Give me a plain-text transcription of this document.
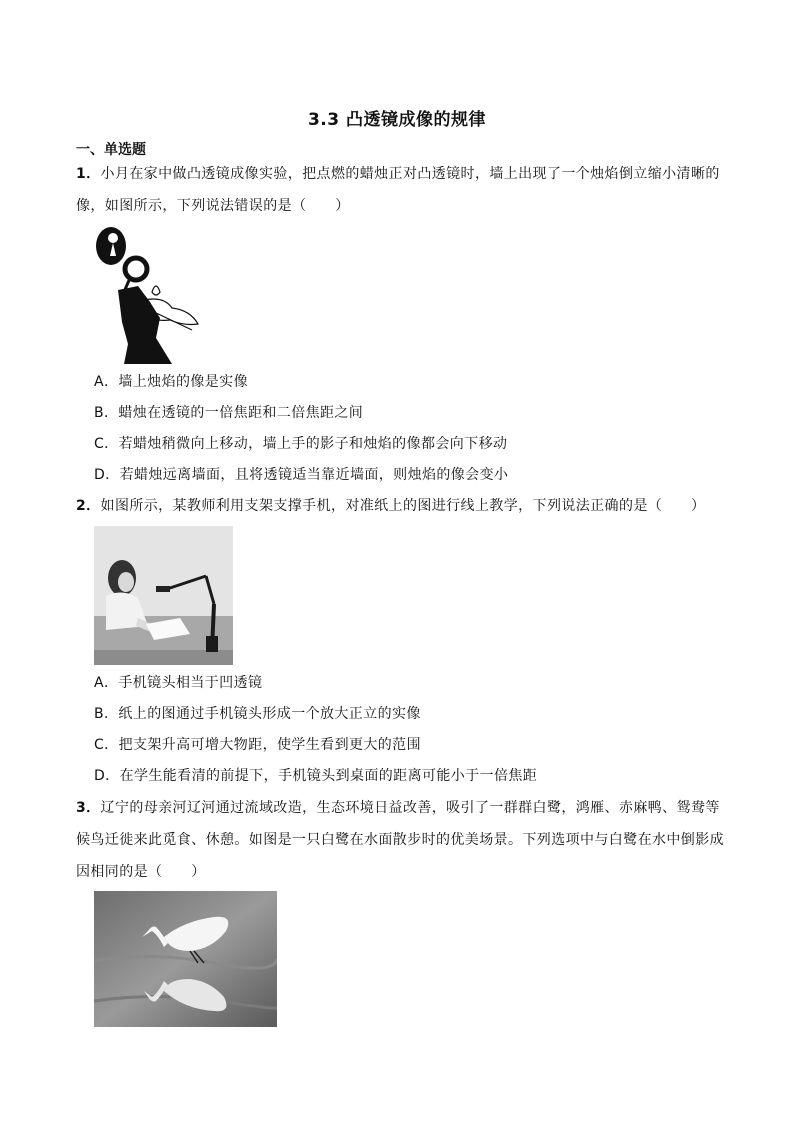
3.3 凸透镜成像的规律
一、单选题
1．小月在家中做凸透镜成像实验，把点燃的蜡烛正对凸透镜时，墙上出现了一个烛焰倒立缩小清晰的像，如图所示，下列说法错误的是（　　）
A．墙上烛焰的像是实像
B．蜡烛在透镜的一倍焦距和二倍焦距之间
C．若蜡烛稍微向上移动，墙上手的影子和烛焰的像都会向下移动
D．若蜡烛远离墙面，且将透镜适当靠近墙面，则烛焰的像会变小
2．如图所示，某教师利用支架支撑手机，对准纸上的图进行线上教学，下列说法正确的是（　　）
A．手机镜头相当于凹透镜
B．纸上的图通过手机镜头形成一个放大正立的实像
C．把支架升高可增大物距，使学生看到更大的范围
D．在学生能看清的前提下，手机镜头到桌面的距离可能小于一倍焦距
3．辽宁的母亲河辽河通过流域改造，生态环境日益改善，吸引了一群群白鹭，鸿雁、赤麻鸭、鸳鸯等候鸟迁徙来此觅食、休憩。如图是一只白鹭在水面散步时的优美场景。下列选项中与白鹭在水中倒影成因相同的是（　　）
